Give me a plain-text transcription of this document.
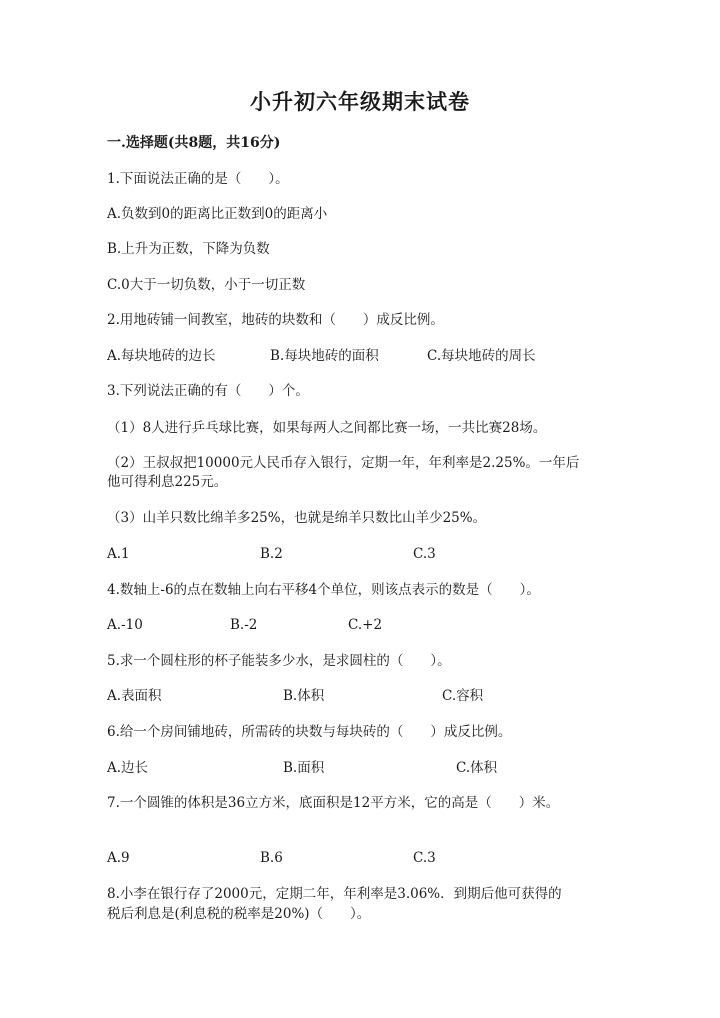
小升初六年级期末试卷
一.选择题(共8题，共16分)
1.下面说法正确的是（　　）。
A.负数到0的距离比正数到0的距离小
B.上升为正数，下降为负数
C.0大于一切负数，小于一切正数
2.用地砖铺一间教室，地砖的块数和（　　）成反比例。
A.每块地砖的边长	B.每块地砖的面积	C.每块地砖的周长
3.下列说法正确的有（　　）个。
（1）8人进行乒乓球比赛，如果每两人之间都比赛一场，一共比赛28场。
（2）王叔叔把10000元人民币存入银行，定期一年，年利率是2.25%。一年后
他可得利息225元。
（3）山羊只数比绵羊多25%，也就是绵羊只数比山羊少25%。
A.1	B.2	C.3
4.数轴上-6的点在数轴上向右平移4个单位，则该点表示的数是（　　）。
A.-10	B.-2	C.+2
5.求一个圆柱形的杯子能装多少水，是求圆柱的（　　）。
A.表面积	B.体积	C.容积
6.给一个房间铺地砖，所需砖的块数与每块砖的（　　）成反比例。
A.边长	B.面积	C.体积
7.一个圆锥的体积是36立方米，底面积是12平方米，它的高是（　　）米。
A.9	B.6	C.3
8.小李在银行存了2000元，定期二年，年利率是3.06%．到期后他可获得的
税后利息是(利息税的税率是20%)（　　）。
